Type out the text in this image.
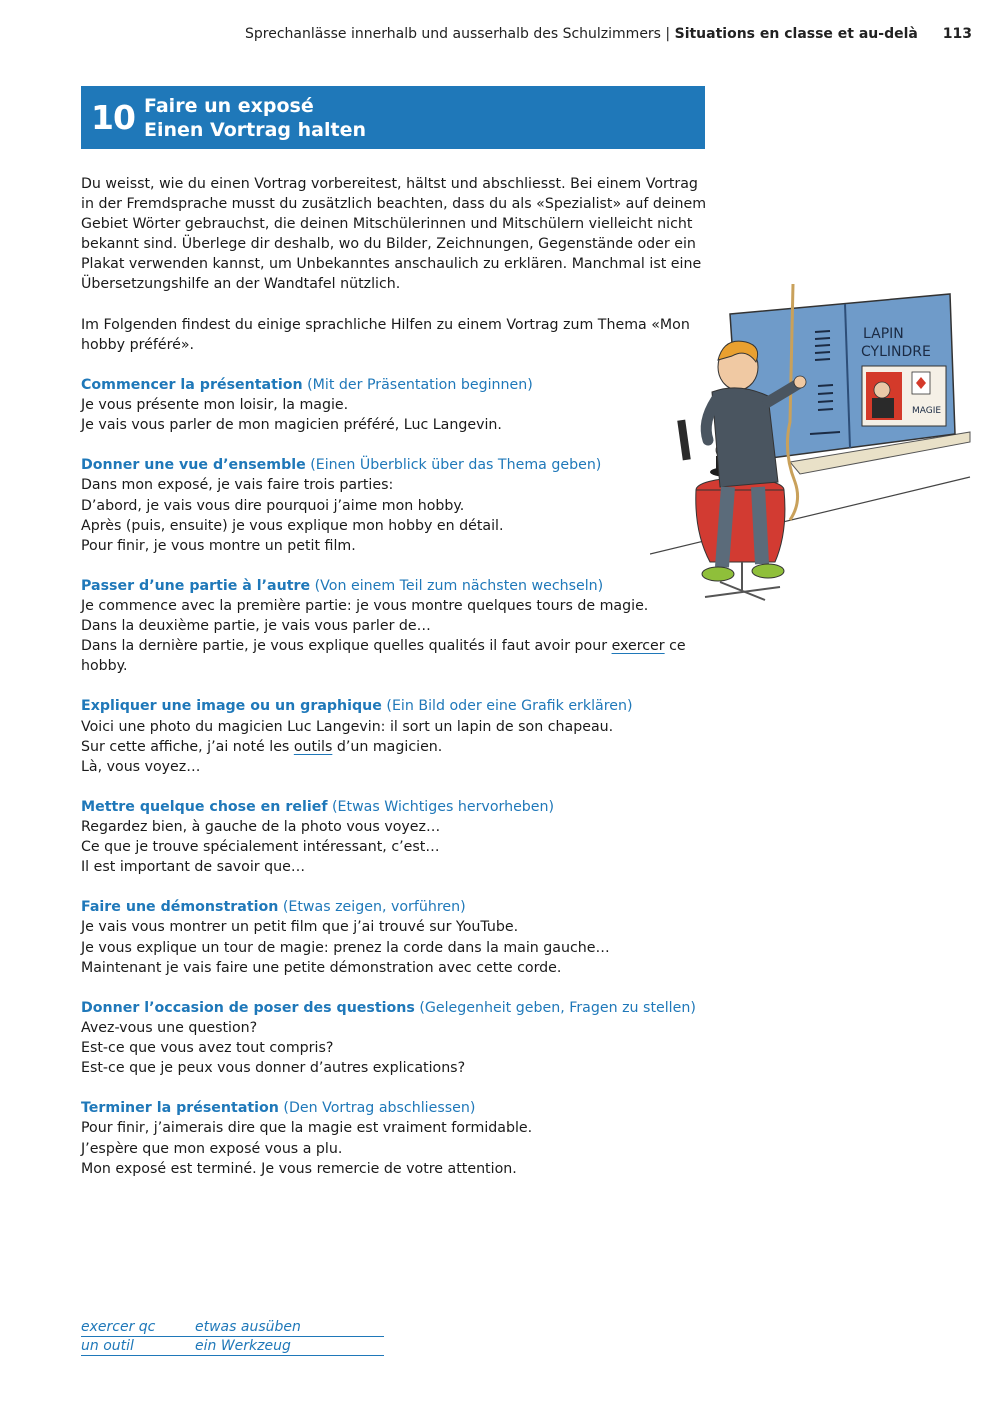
Sprechanlässe innerhalb und ausserhalb des Schulzimmers | Situations en classe et au-delà 113
10 Faire un exposé
Einen Vortrag halten

Du weisst, wie du einen Vortrag vorbereitest, hältst und abschliesst. Bei einem Vortrag
in der Fremdsprache musst du zusätzlich beachten, dass du als «Spezialist» auf deinem
Gebiet Wörter gebrauchst, die deinen Mitschülerinnen und Mitschülern vielleicht nicht
bekannt sind. Überlege dir deshalb, wo du Bilder, Zeichnungen, Gegenstände oder ein
Plakat verwenden kannst, um Unbekanntes anschaulich zu erklären. Manchmal ist eine
Übersetzungshilfe an der Wandtafel nützlich.

Im Folgenden findest du einige sprachliche Hilfen zu einem Vortrag zum Thema «Mon
hobby préféré».

Commencer la présentation (Mit der Präsentation beginnen)
Je vous présente mon loisir, la magie.
Je vais vous parler de mon magicien préféré, Luc Langevin.

Donner une vue d’ensemble (Einen Überblick über das Thema geben)
Dans mon exposé, je vais faire trois parties:
D’abord, je vais vous dire pourquoi j’aime mon hobby.
Après (puis, ensuite) je vous explique mon hobby en détail.
Pour finir, je vous montre un petit film.

Passer d’une partie à l’autre (Von einem Teil zum nächsten wechseln)
Je commence avec la première partie: je vous montre quelques tours de magie.
Dans la deuxième partie, je vais vous parler de…
Dans la dernière partie, je vous explique quelles qualités il faut avoir pour exercer ce
hobby.

Expliquer une image ou un graphique (Ein Bild oder eine Grafik erklären)
Voici une photo du magicien Luc Langevin: il sort un lapin de son chapeau.
Sur cette affiche, j’ai noté les outils d’un magicien.
Là, vous voyez…

Mettre quelque chose en relief (Etwas Wichtiges hervorheben)
Regardez bien, à gauche de la photo vous voyez…
Ce que je trouve spécialement intéressant, c’est…
Il est important de savoir que…

Faire une démonstration (Etwas zeigen, vorführen)
Je vais vous montrer un petit film que j’ai trouvé sur YouTube.
Je vous explique un tour de magie: prenez la corde dans la main gauche…
Maintenant je vais faire une petite démonstration avec cette corde.

Donner l’occasion de poser des questions (Gelegenheit geben, Fragen zu stellen)
Avez-vous une question?
Est-ce que vous avez tout compris?
Est-ce que je peux vous donner d’autres explications?

Terminer la présentation (Den Vortrag abschliessen)
Pour finir, j’aimerais dire que la magie est vraiment formidable.
J’espère que mon exposé vous a plu.
Mon exposé est terminé. Je vous remercie de votre attention.

LAPIN
CYLINDRE
MAGIE
exercer qc	etwas ausüben
un outil	ein Werkzeug
